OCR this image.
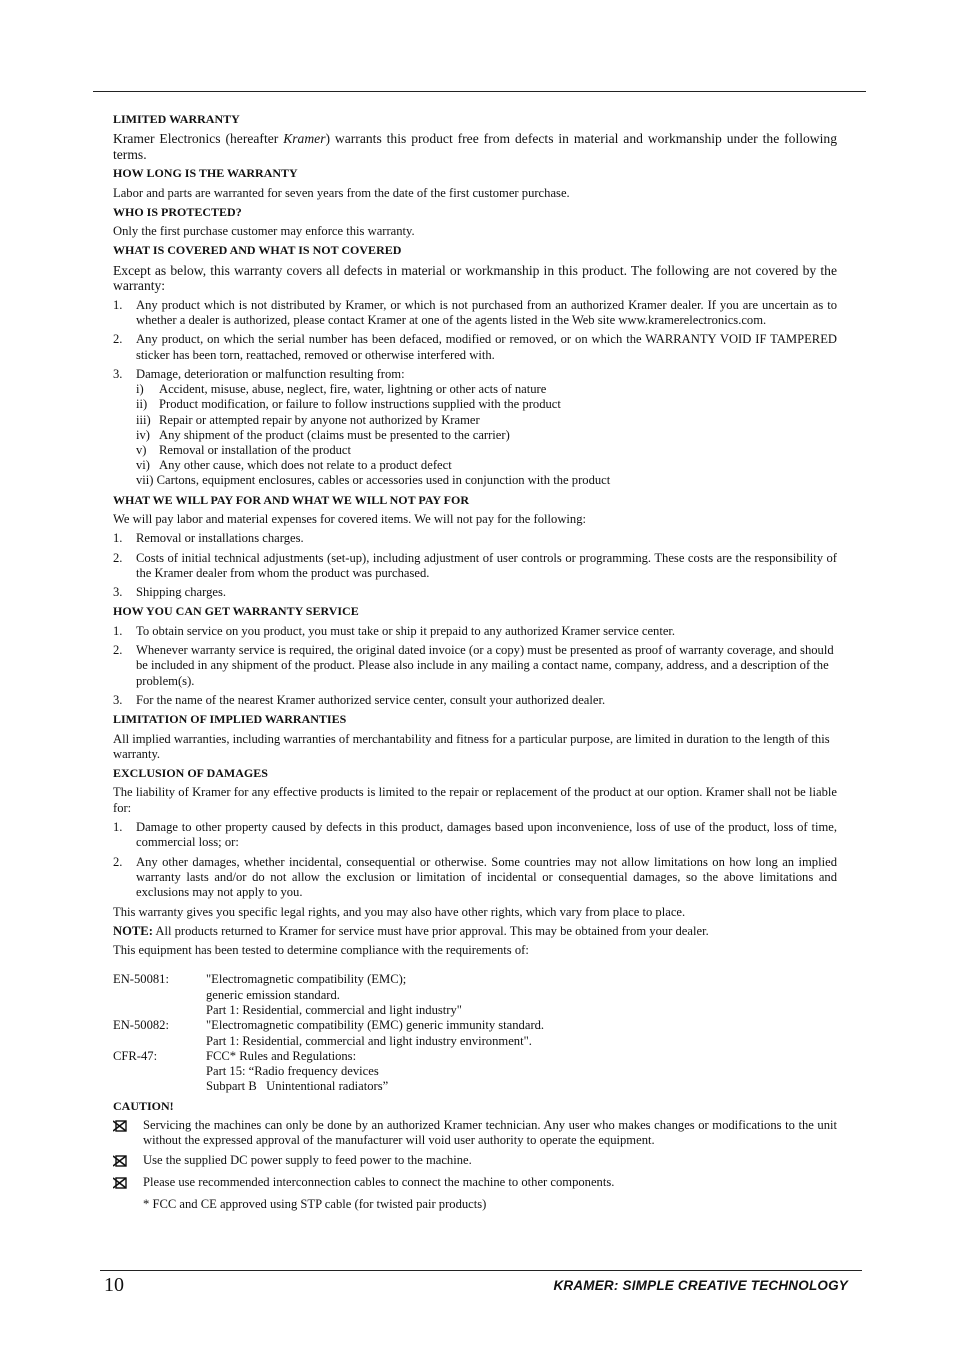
LIMITED WARRANTY
Kramer Electronics (hereafter Kramer) warrants this product free from defects in material and workmanship under the following terms.
HOW LONG IS THE WARRANTY
Labor and parts are warranted for seven years from the date of the first customer purchase.
WHO IS PROTECTED?
Only the first purchase customer may enforce this warranty.
WHAT IS COVERED AND WHAT IS NOT COVERED
Except as below, this warranty covers all defects in material or workmanship in this product. The following are not covered by the warranty:
1.	Any product which is not distributed by Kramer, or which is not purchased from an authorized Kramer dealer. If you are uncertain as to whether a dealer is authorized, please contact Kramer at one of the agents listed in the Web site www.kramerelectronics.com.
2.	Any product, on which the serial number has been defaced, modified or removed, or on which the WARRANTY VOID IF TAMPERED sticker has been torn, reattached, removed or otherwise interfered with.
3.	Damage, deterioration or malfunction resulting from:
i)	Accident, misuse, abuse, neglect, fire, water, lightning or other acts of nature
ii) Product modification, or failure to follow instructions supplied with the product
iii) Repair or attempted repair by anyone not authorized by Kramer
iv) Any shipment of the product (claims must be presented to the carrier)
v) Removal or installation of the product
vi) Any other cause, which does not relate to a product defect
vii) Cartons, equipment enclosures, cables or accessories used in conjunction with the product
WHAT WE WILL PAY FOR AND WHAT WE WILL NOT PAY FOR
We will pay labor and material expenses for covered items. We will not pay for the following:
1.	Removal or installations charges.
2.	Costs of initial technical adjustments (set-up), including adjustment of user controls or programming. These costs are the responsibility of the Kramer dealer from whom the product was purchased.
3.	Shipping charges.
HOW YOU CAN GET WARRANTY SERVICE
1.	To obtain service on you product, you must take or ship it prepaid to any authorized Kramer service center.
2.	Whenever warranty service is required, the original dated invoice (or a copy) must be presented as proof of warranty coverage, and should be included in any shipment of the product. Please also include in any mailing a contact name, company, address, and a description of the problem(s).
3.	For the name of the nearest Kramer authorized service center, consult your authorized dealer.
LIMITATION OF IMPLIED WARRANTIES
All implied warranties, including warranties of merchantability and fitness for a particular purpose, are limited in duration to the length of this warranty.
EXCLUSION OF DAMAGES
The liability of Kramer for any effective products is limited to the repair or replacement of the product at our option. Kramer shall not be liable for:
1.	Damage to other property caused by defects in this product, damages based upon inconvenience, loss of use of the product, loss of time, commercial loss; or:
2.	Any other damages, whether incidental, consequential or otherwise. Some countries may not allow limitations on how long an implied warranty lasts and/or do not allow the exclusion or limitation of incidental or consequential damages, so the above limitations and exclusions may not apply to you.
This warranty gives you specific legal rights, and you may also have other rights, which vary from place to place.
NOTE: All products returned to Kramer for service must have prior approval. This may be obtained from your dealer.
This equipment has been tested to determine compliance with the requirements of:
EN-50081:	"Electromagnetic compatibility (EMC);
generic emission standard.
Part 1: Residential, commercial and light industry"
EN-50082:	"Electromagnetic compatibility (EMC) generic immunity standard.
Part 1: Residential, commercial and light industry environment".
CFR-47:	FCC* Rules and Regulations:
Part 15: “Radio frequency devices
Subpart B   Unintentional radiators”
CAUTION!
Servicing the machines can only be done by an authorized Kramer technician. Any user who makes changes or modifications to the unit without the expressed approval of the manufacturer will void user authority to operate the equipment.
Use the supplied DC power supply to feed power to the machine.
Please use recommended interconnection cables to connect the machine to other components.
* FCC and CE approved using STP cable (for twisted pair products)
10	KRAMER: SIMPLE CREATIVE TECHNOLOGY
